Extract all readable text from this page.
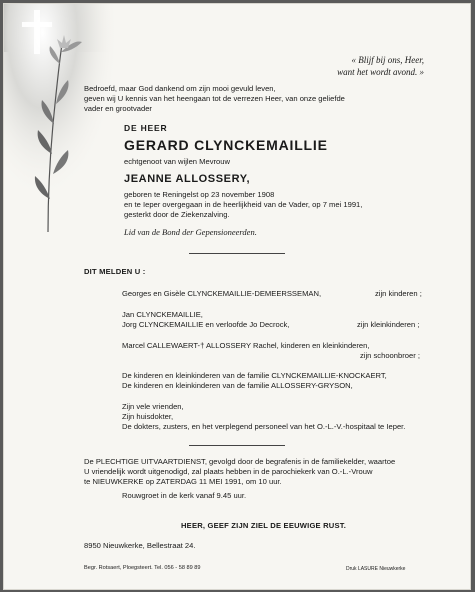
« Blijf bij ons, Heer,
want het wordt avond. »
Bedroefd, maar God dankend om zijn mooi gevuld leven,
geven wij U kennis van het heengaan tot de verrezen Heer, van onze geliefde
vader en grootvader
DE HEER
GERARD CLYNCKEMAILLIE
echtgenoot van wijlen Mevrouw
JEANNE ALLOSSERY,
geboren te Reningelst op 23 november 1908
en te Ieper overgegaan in de heerlijkheid van de Vader, op 7 mei 1991,
gesterkt door de Ziekenzalving.
Lid van de Bond der Gepensioneerden.
DIT MELDEN U :
Georges en Gisèle CLYNCKEMAILLIE-DEMEERSSEMAN,	zijn kinderen ;
Jan CLYNCKEMAILLIE,
Jorg CLYNCKEMAILLIE en verloofde Jo Decrock,	zijn kleinkinderen ;
Marcel CALLEWAERT-† ALLOSSERY Rachel, kinderen en kleinkinderen,
zijn schoonbroer ;
De kinderen en kleinkinderen van de familie CLYNCKEMAILLIE-KNOCKAERT,
De kinderen en kleinkinderen van de familie ALLOSSERY-GRYSON,
Zijn vele vrienden,
Zijn huisdokter,
De dokters, zusters, en het verplegend personeel van het O.-L.-V.-hospitaal te Ieper.
De PLECHTIGE UITVAARTDIENST, gevolgd door de begrafenis in de familiekelder, waartoe
U vriendelijk wordt uitgenodigd, zal plaats hebben in de parochiekerk van O.-L.-Vrouw
te NIEUWKERKE op ZATERDAG 11 MEI 1991, om 10 uur.
Rouwgroet in de kerk vanaf 9.45 uur.
HEER, GEEF ZIJN ZIEL DE EEUWIGE RUST.
8950 Nieuwkerke, Bellestraat 24.
Begr. Rotsaert, Ploegsteert. Tel. 056 - 58 89 89	Druk LASURE Nieuwkerke
